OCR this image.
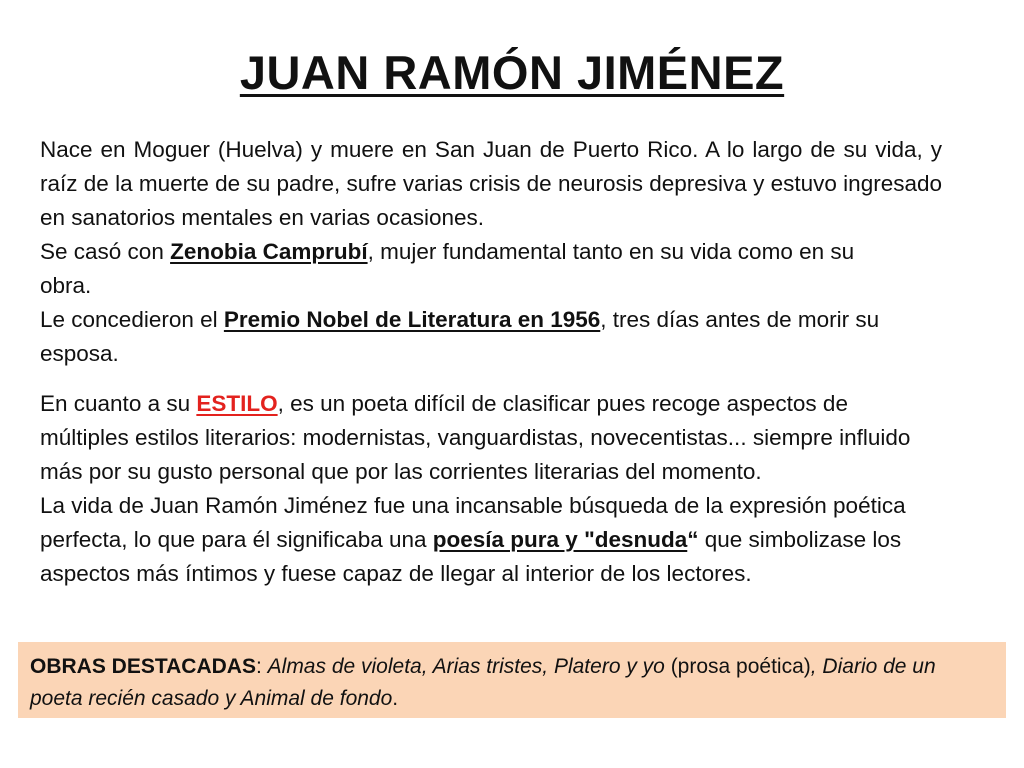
JUAN RAMÓN JIMÉNEZ

Nace en Moguer (Huelva) y muere en San Juan de Puerto Rico. A lo largo de su vida, y raíz de la muerte de su padre, sufre varias crisis de neurosis depresiva y estuvo ingresado en sanatorios mentales en varias ocasiones.

Se casó con Zenobia Camprubí, mujer fundamental tanto en su vida como en su obra.

Le concedieron el Premio Nobel de Literatura en 1956, tres días antes de morir su esposa.

En cuanto a su ESTILO, es un poeta difícil de clasificar pues recoge aspectos de múltiples estilos literarios: modernistas, vanguardistas, novecentistas... siempre influido más por su gusto personal que por las corrientes literarias del momento.

La vida de Juan Ramón Jiménez fue una incansable búsqueda de la expresión poética perfecta, lo que para él significaba una poesía pura y "desnuda“ que simbolizase los aspectos más íntimos y fuese capaz de llegar al interior de los lectores.

OBRAS DESTACADAS: Almas de violeta, Arias tristes, Platero y yo (prosa poética), Diario de un poeta recién casado y Animal de fondo.
